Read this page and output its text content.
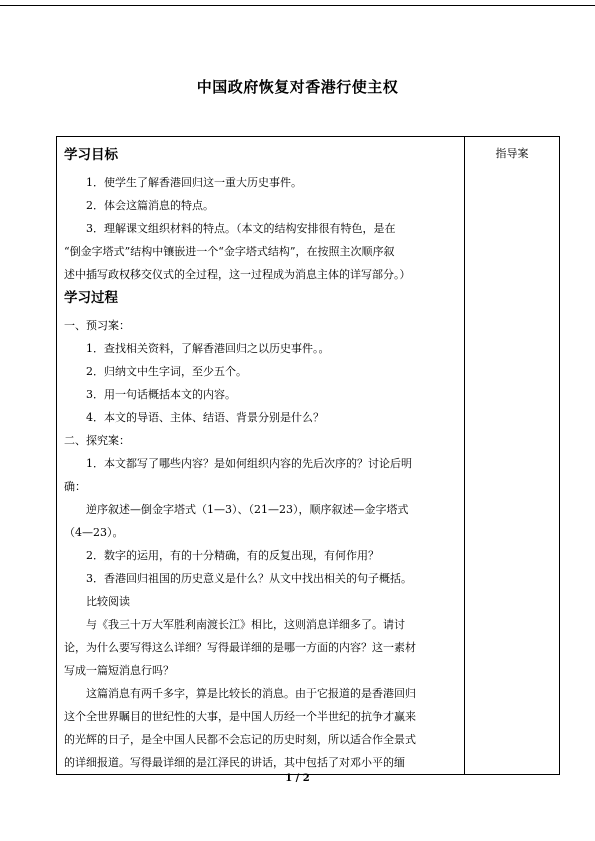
中国政府恢复对香港行使主权
学习目标
1．使学生了解香港回归这一重大历史事件。
2．体会这篇消息的特点。
3．理解课文组织材料的特点。（本文的结构安排很有特色，是在
“倒金字塔式”结构中镶嵌进一个“金字塔式结构”，在按照主次顺序叙
述中插写政权移交仪式的全过程，这一过程成为消息主体的详写部分。）
学习过程
一、预习案：
1．查找相关资料，了解香港回归之以历史事件。。
2．归纳文中生字词，至少五个。
3．用一句话概括本文的内容。
4．本文的导语、主体、结语、背景分别是什么？
二、探究案：
1．本文都写了哪些内容？是如何组织内容的先后次序的？讨论后明
确：
逆序叙述—倒金字塔式（1—3）、（21—23），顺序叙述—金字塔式
（4—23）。
2．数字的运用，有的十分精确，有的反复出现，有何作用？
3．香港回归祖国的历史意义是什么？从文中找出相关的句子概括。
比较阅读
与《我三十万大军胜利南渡长江》相比，这则消息详细多了。请讨
论，为什么要写得这么详细？写得最详细的是哪一方面的内容？这一素材
写成一篇短消息行吗？
这篇消息有两千多字，算是比较长的消息。由于它报道的是香港回归
这个全世界瞩目的世纪性的大事，是中国人历经一个半世纪的抗争才赢来
的光辉的日子，是全中国人民都不会忘记的历史时刻，所以适合作全景式
的详细报道。写得最详细的是江泽民的讲话，其中包括了对邓小平的缅

指导案
1 / 2
